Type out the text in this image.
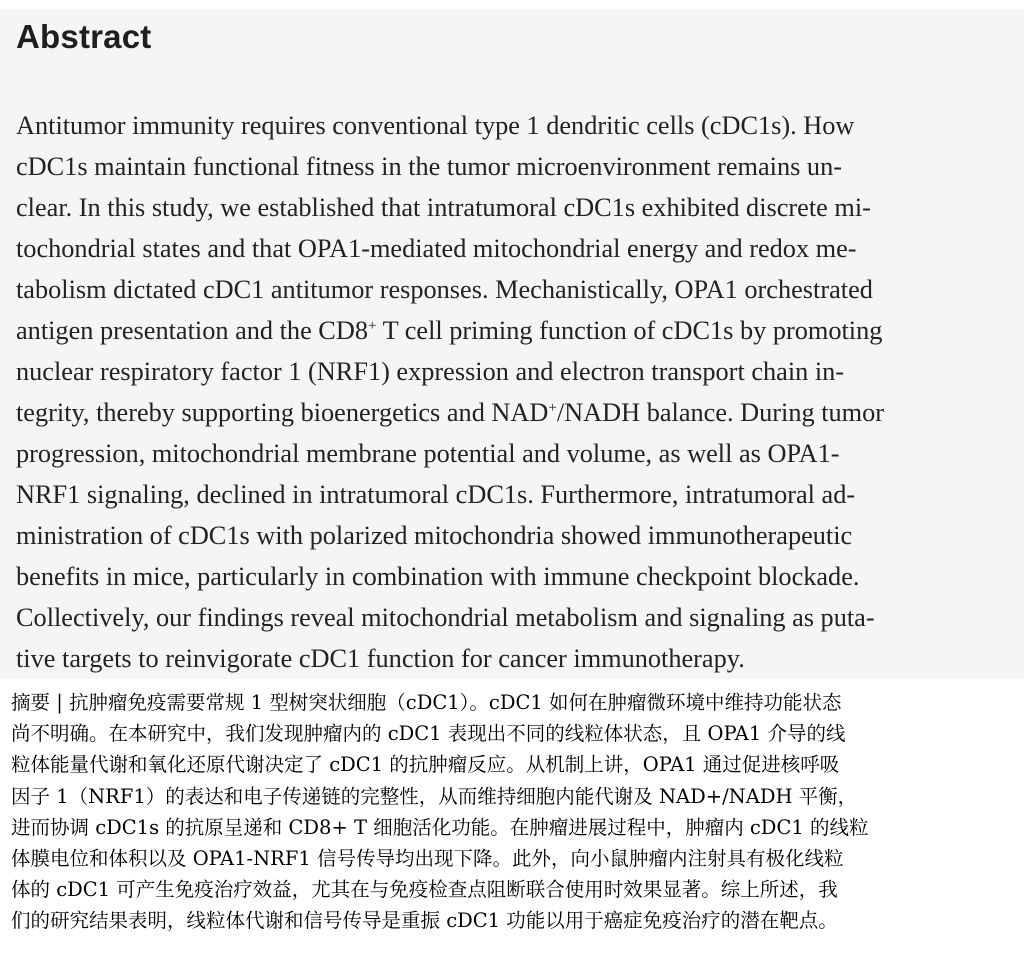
Abstract
Antitumor immunity requires conventional type 1 dendritic cells (cDC1s). How
cDC1s maintain functional fitness in the tumor microenvironment remains un-
clear. In this study, we established that intratumoral cDC1s exhibited discrete mi-
tochondrial states and that OPA1-mediated mitochondrial energy and redox me-
tabolism dictated cDC1 antitumor responses. Mechanistically, OPA1 orchestrated
antigen presentation and the CD8+ T cell priming function of cDC1s by promoting
nuclear respiratory factor 1 (NRF1) expression and electron transport chain in-
tegrity, thereby supporting bioenergetics and NAD+/NADH balance. During tumor
progression, mitochondrial membrane potential and volume, as well as OPA1-
NRF1 signaling, declined in intratumoral cDC1s. Furthermore, intratumoral ad-
ministration of cDC1s with polarized mitochondria showed immunotherapeutic
benefits in mice, particularly in combination with immune checkpoint blockade.
Collectively, our findings reveal mitochondrial metabolism and signaling as puta-
tive targets to reinvigorate cDC1 function for cancer immunotherapy.
摘要 | 抗肿瘤免疫需要常规 1 型树突状细胞（cDC1）。cDC1 如何在肿瘤微环境中维持功能状态
尚不明确。在本研究中，我们发现肿瘤内的 cDC1 表现出不同的线粒体状态，且 OPA1 介导的线
粒体能量代谢和氧化还原代谢决定了 cDC1 的抗肿瘤反应。从机制上讲，OPA1 通过促进核呼吸
因子 1（NRF1）的表达和电子传递链的完整性，从而维持细胞内能代谢及 NAD+/NADH 平衡，
进而协调 cDC1s 的抗原呈递和 CD8+ T 细胞活化功能。在肿瘤进展过程中，肿瘤内 cDC1 的线粒
体膜电位和体积以及 OPA1-NRF1 信号传导均出现下降。此外，向小鼠肿瘤内注射具有极化线粒
体的 cDC1 可产生免疫治疗效益，尤其在与免疫检查点阻断联合使用时效果显著。综上所述，我
们的研究结果表明，线粒体代谢和信号传导是重振 cDC1 功能以用于癌症免疫治疗的潜在靶点。
